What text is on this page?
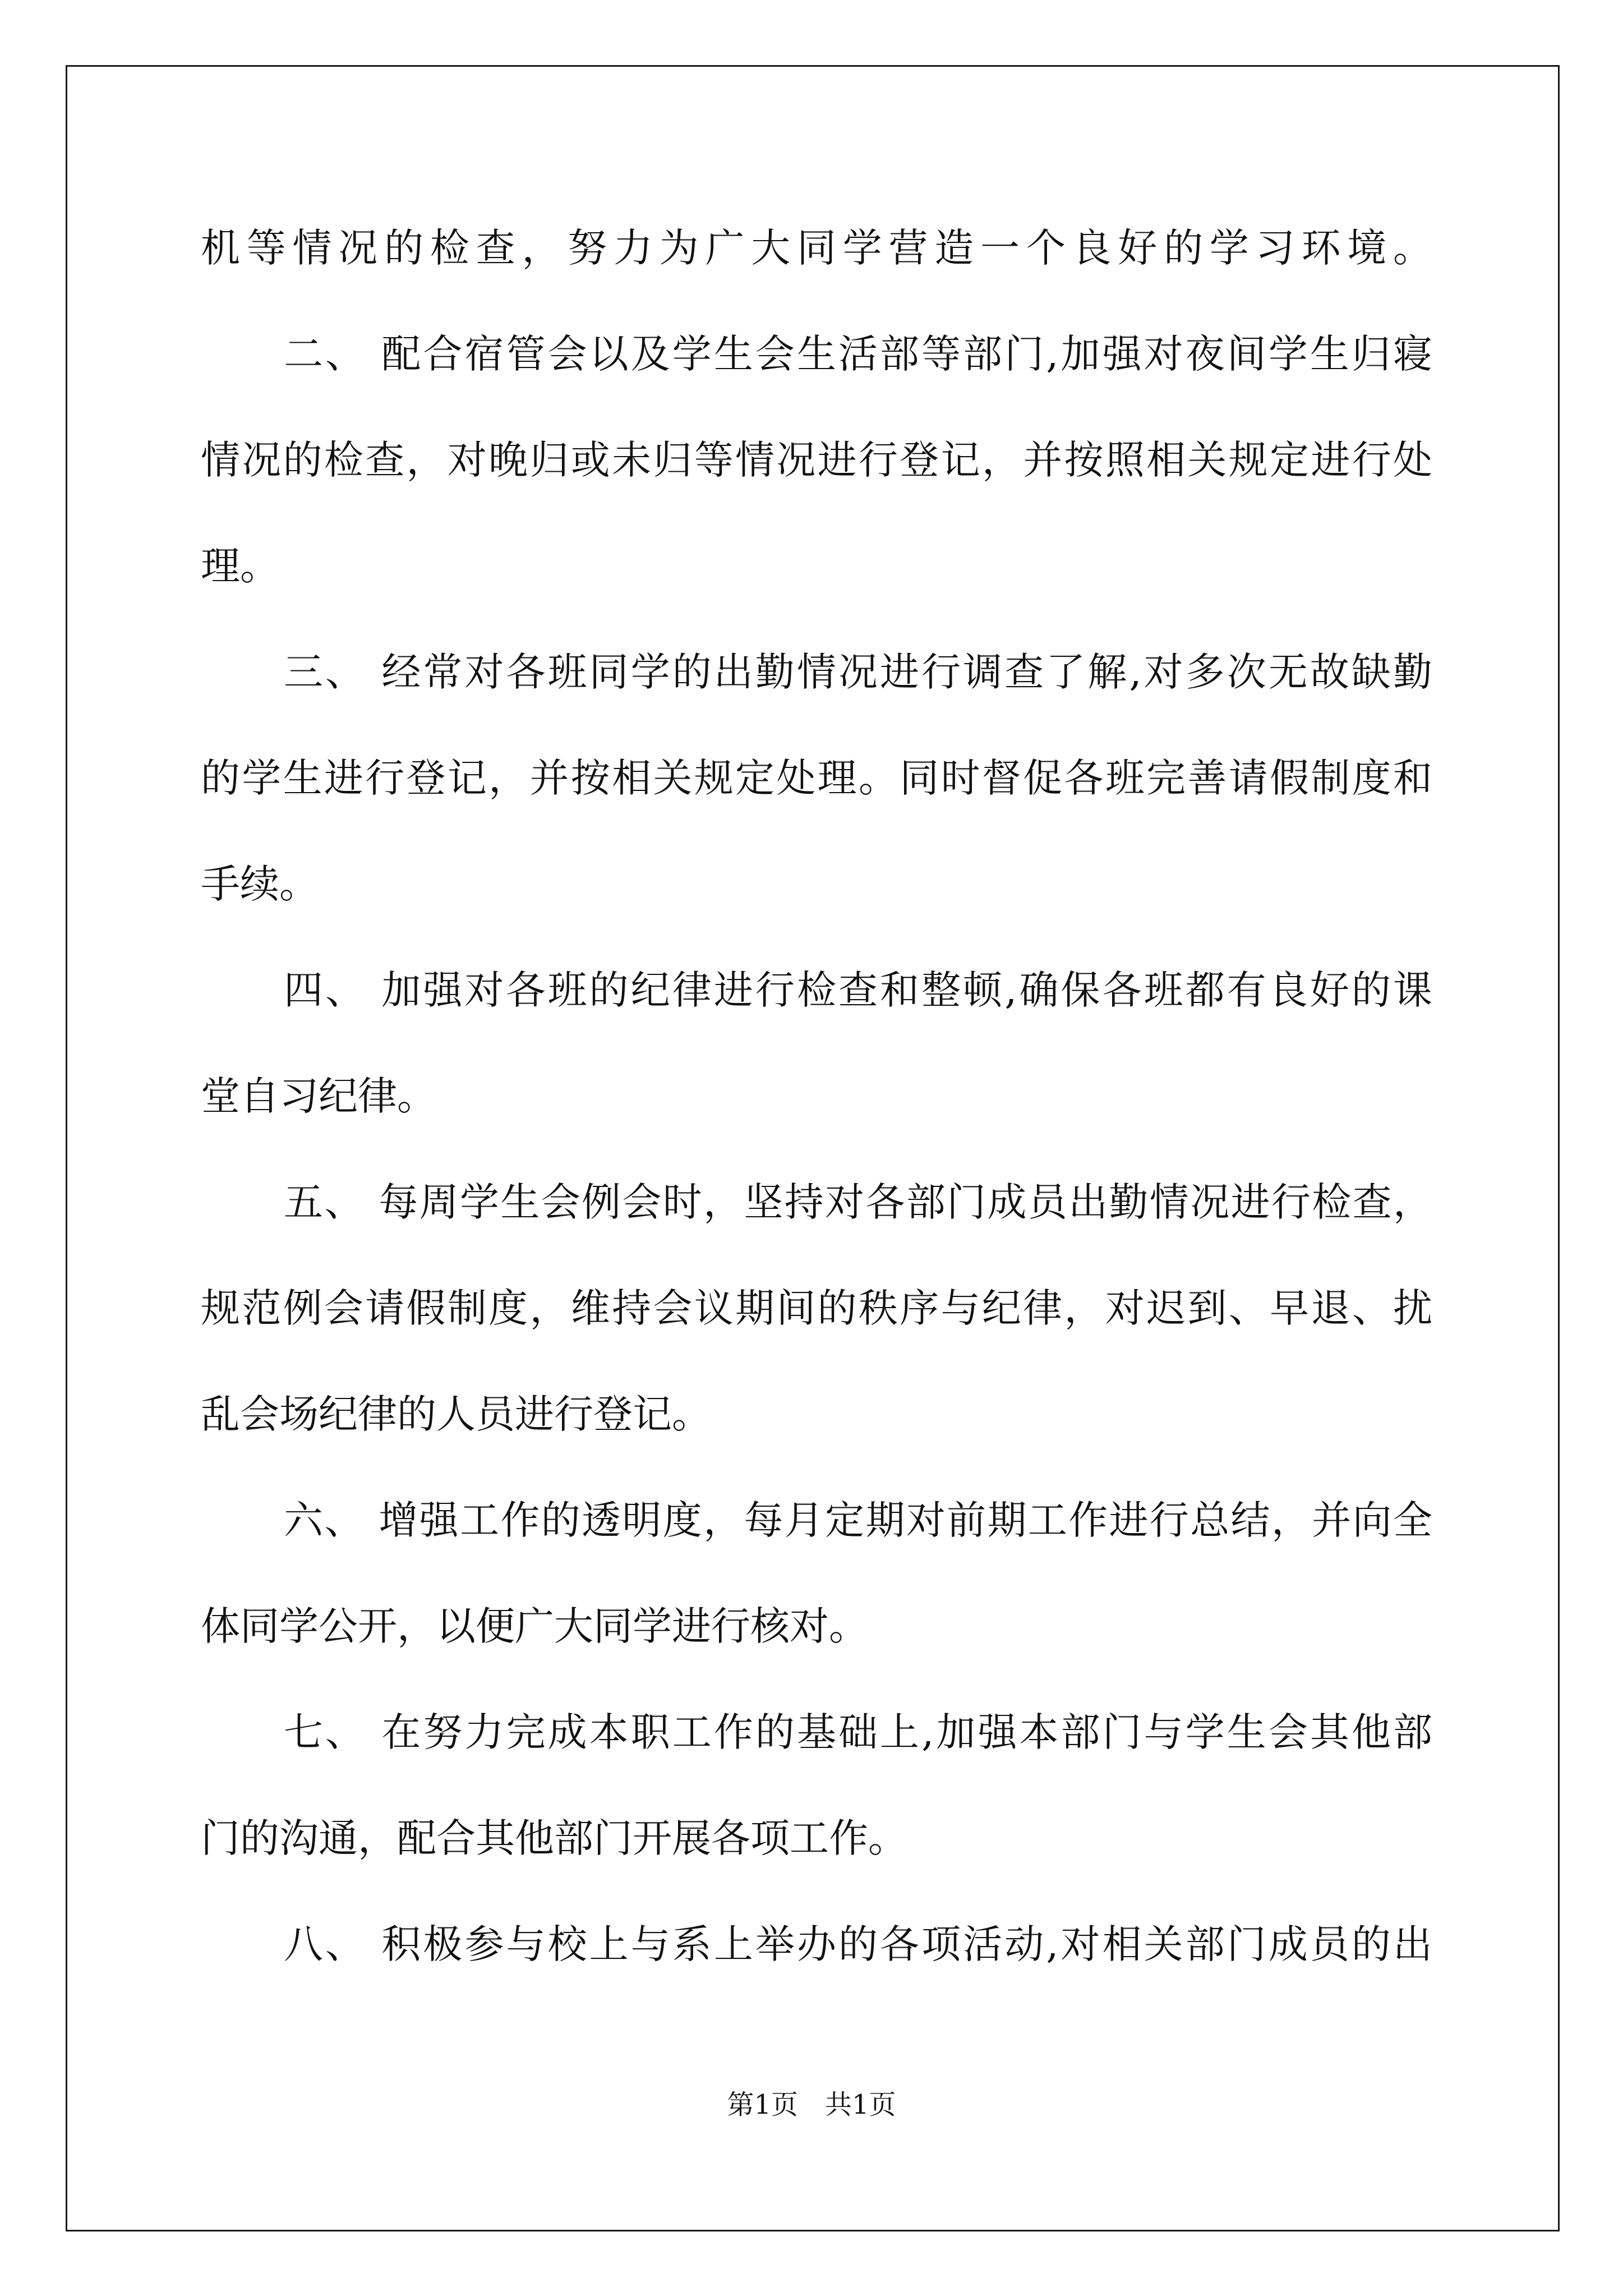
机等情况的检查，努力为广大同学营造一个良好的学习环境。
二、 配合宿管会以及学生会生活部等部门,加强对夜间学生归寝
情况的检查，对晚归或未归等情况进行登记，并按照相关规定进行处
理。
三、 经常对各班同学的出勤情况进行调查了解,对多次无故缺勤
的学生进行登记，并按相关规定处理。同时督促各班完善请假制度和
手续。
四、 加强对各班的纪律进行检查和整顿,确保各班都有良好的课
堂自习纪律。
五、 每周学生会例会时，坚持对各部门成员出勤情况进行检查，
规范例会请假制度，维持会议期间的秩序与纪律，对迟到、早退、扰
乱会场纪律的人员进行登记。
六、 增强工作的透明度，每月定期对前期工作进行总结，并向全
体同学公开，以便广大同学进行核对。
七、 在努力完成本职工作的基础上,加强本部门与学生会其他部
门的沟通，配合其他部门开展各项工作。
八、 积极参与校上与系上举办的各项活动,对相关部门成员的出
第1页　共1页
